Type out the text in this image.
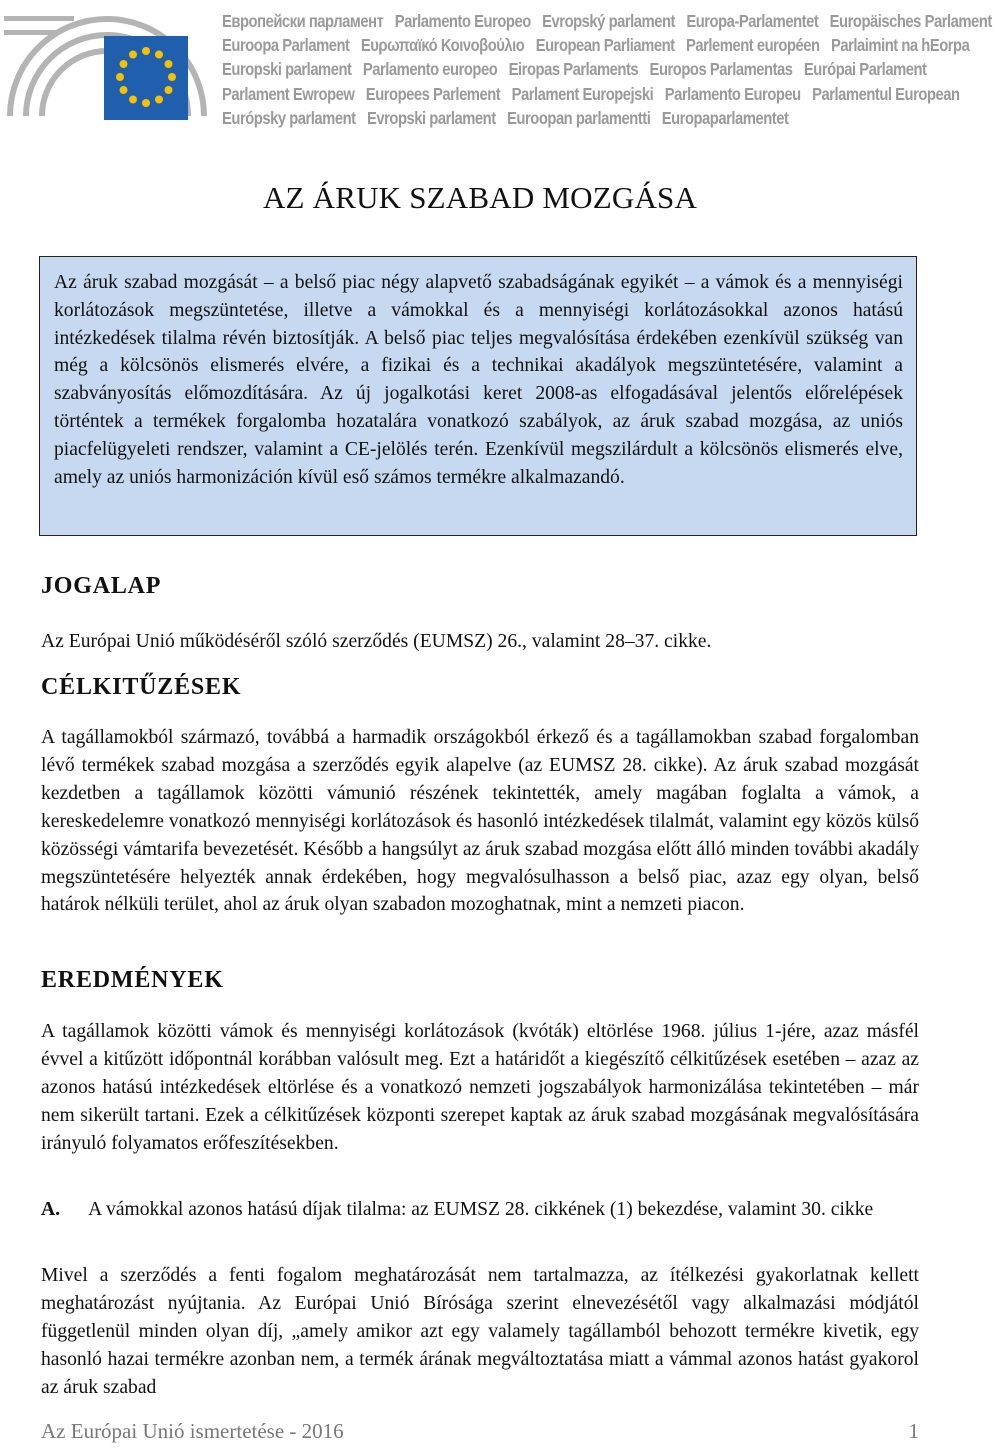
Европейски парламент Parlamento Europeo Evropský parlament Europa-Parlamentet Europäisches Parlament
Euroopa Parlament Ευρωπαϊκό Κοινοβούλιο European Parliament Parlement européen Parlaimint na hEorpa
Europski parlament Parlamento europeo Eiropas Parlaments Europos Parlamentas Európai Parlament
Parlament Ewropew Europees Parlement Parlament Europejski Parlamento Europeu Parlamentul European
Európsky parlament Evropski parlament Euroopan parlamentti Europaparlamentet
AZ ÁRUK SZABAD MOZGÁSA

Az áruk szabad mozgását – a belső piac négy alapvető szabadságának egyikét – a vámok és a mennyiségi korlátozások megszüntetése, illetve a vámokkal és a mennyiségi korlátozásokkal azonos hatású intézkedések tilalma révén biztosítják. A belső piac teljes megvalósítása érdekében ezenkívül szükség van még a kölcsönös elismerés elvére, a fizikai és a technikai akadályok megszüntetésére, valamint a szabványosítás előmozdítására. Az új jogalkotási keret 2008-as elfogadásával jelentős előrelépések történtek a termékek forgalomba hozatalára vonatkozó szabályok, az áruk szabad mozgása, az uniós piacfelügyeleti rendszer, valamint a CE-jelölés terén. Ezenkívül megszilárdult a kölcsönös elismerés elve, amely az uniós harmonizáción kívül eső számos termékre alkalmazandó.

JOGALAP

Az Európai Unió működéséről szóló szerződés (EUMSZ) 26., valamint 28–37. cikke.

CÉLKITŰZÉSEK

A tagállamokból származó, továbbá a harmadik országokból érkező és a tagállamokban szabad forgalomban lévő termékek szabad mozgása a szerződés egyik alapelve (az EUMSZ 28. cikke). Az áruk szabad mozgását kezdetben a tagállamok közötti vámunió részének tekintették, amely magában foglalta a vámok, a kereskedelemre vonatkozó mennyiségi korlátozások és hasonló intézkedések tilalmát, valamint egy közös külső közösségi vámtarifa bevezetését. Később a hangsúlyt az áruk szabad mozgása előtt álló minden további akadály megszüntetésére helyezték annak érdekében, hogy megvalósulhasson a belső piac, azaz egy olyan, belső határok nélküli terület, ahol az áruk olyan szabadon mozoghatnak, mint a nemzeti piacon.

EREDMÉNYEK

A tagállamok közötti vámok és mennyiségi korlátozások (kvóták) eltörlése 1968. július 1-jére, azaz másfél évvel a kitűzött időpontnál korábban valósult meg. Ezt a határidőt a kiegészítő célkitűzések esetében – azaz az azonos hatású intézkedések eltörlése és a vonatkozó nemzeti jogszabályok harmonizálása tekintetében – már nem sikerült tartani. Ezek a célkitűzések központi szerepet kaptak az áruk szabad mozgásának megvalósítására irányuló folyamatos erőfeszítésekben.

A. A vámokkal azonos hatású díjak tilalma: az EUMSZ 28. cikkének (1) bekezdése, valamint 30. cikke

Mivel a szerződés a fenti fogalom meghatározását nem tartalmazza, az ítélkezési gyakorlatnak kellett meghatározást nyújtania. Az Európai Unió Bírósága szerint elnevezésétől vagy alkalmazási módjától függetlenül minden olyan díj, „amely amikor azt egy valamely tagállamból behozott termékre kivetik, egy hasonló hazai termékre azonban nem, a termék árának megváltoztatása miatt a vámmal azonos hatást gyakorol az áruk szabad

Az Európai Unió ismertetése - 2016	1
